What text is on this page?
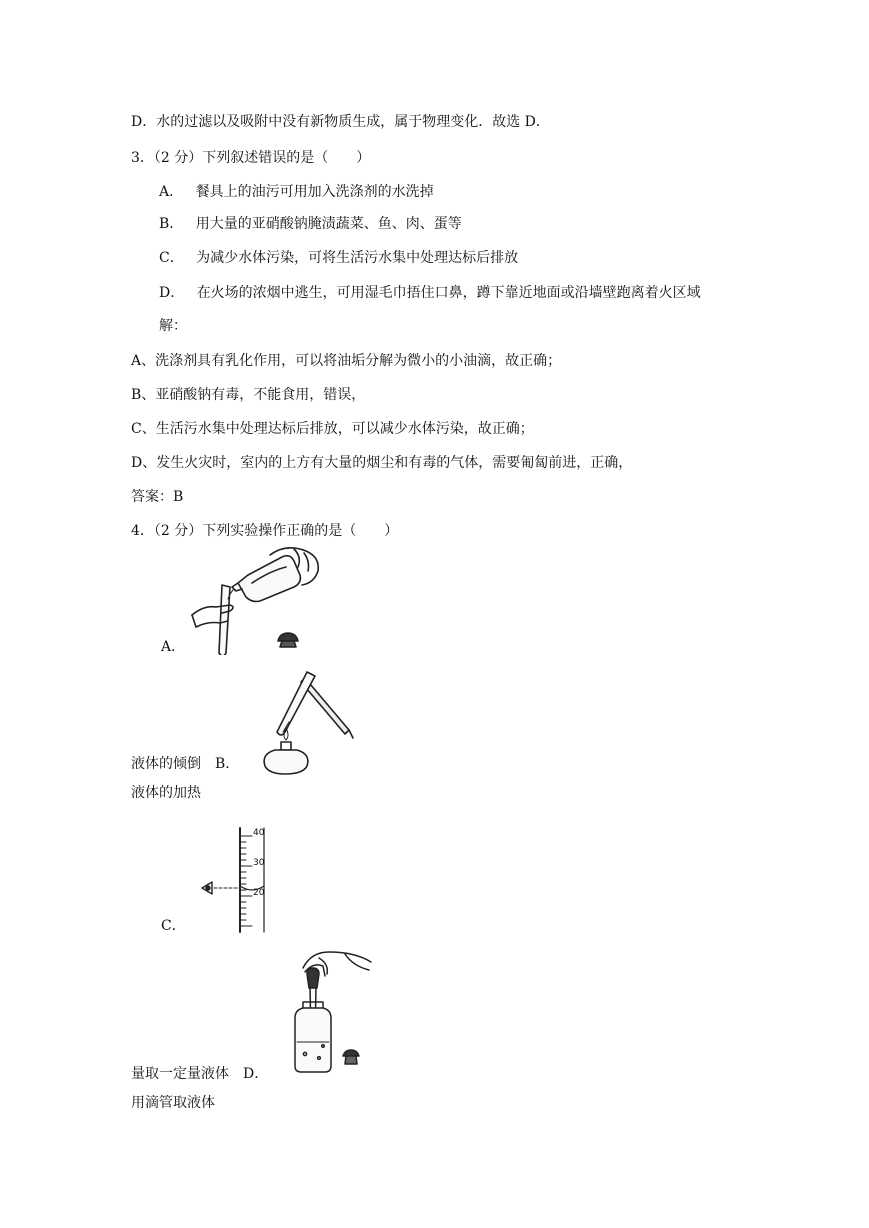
D．水的过滤以及吸附中没有新物质生成，属于物理变化．故选 D．
3．（2 分）下列叙述错误的是（　　）
A． 餐具上的油污可用加入洗涤剂的水洗掉
B． 用大量的亚硝酸钠腌渍蔬菜、鱼、肉、蛋等
C． 为减少水体污染，可将生活污水集中处理达标后排放
D． 在火场的浓烟中逃生，可用湿毛巾捂住口鼻，蹲下靠近地面或沿墙壁跑离着火区域
解：
A、洗涤剂具有乳化作用，可以将油垢分解为微小的小油滴，故正确；
B、亚硝酸钠有毒，不能食用，错误，
C、生活污水集中处理达标后排放，可以减少水体污染，故正确；
D、发生火灾时，室内的上方有大量的烟尘和有毒的气体，需要匍匐前进，正确，
答案：B
4．（2 分）下列实验操作正确的是（　　）
A．
液体的倾倒 B．
液体的加热
40
30
20
C．
量取一定量液体 D．
用滴管取液体
